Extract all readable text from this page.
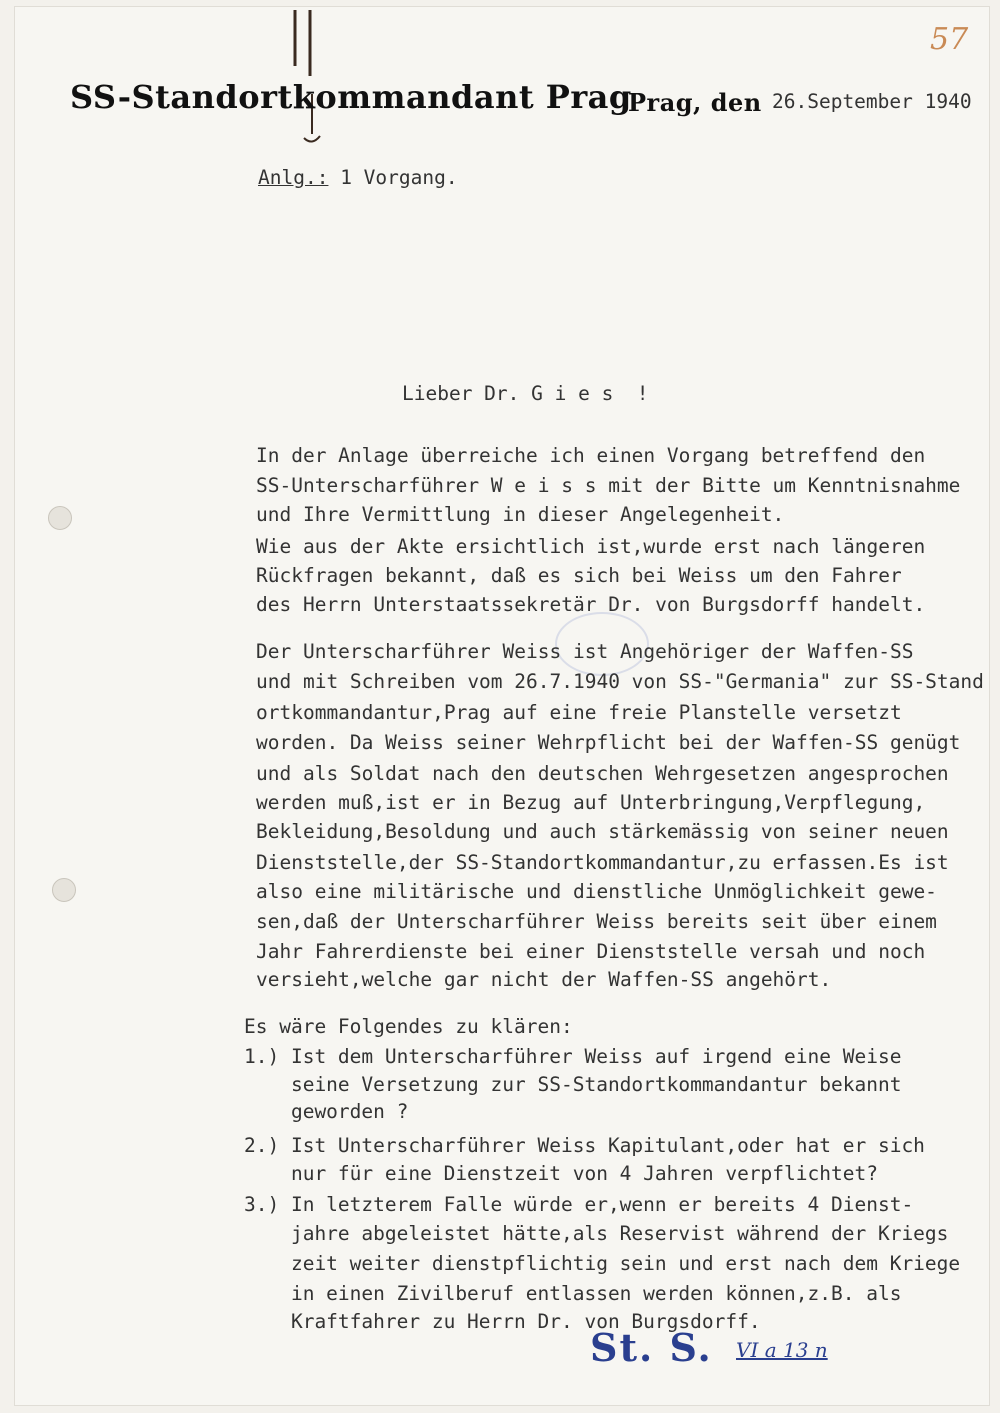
57
SS-Standortkommandant Prag
Prag, den 26.September 1940
Anlg.: 1 Vorgang.
Lieber Dr. G i e s  !
In der Anlage überreiche ich einen Vorgang betreffend den
SS-Unterscharführer W e i s s mit der Bitte um Kenntnisnahme
und Ihre Vermittlung in dieser Angelegenheit.
Wie aus der Akte ersichtlich ist,wurde erst nach längeren
Rückfragen bekannt, daß es sich bei Weiss um den Fahrer
des Herrn Unterstaatssekretär Dr. von Burgsdorff handelt.
Der Unterscharführer Weiss ist Angehöriger der Waffen-SS
und mit Schreiben vom 26.7.1940 von SS-"Germania" zur SS-Stand
ortkommandantur,Prag auf eine freie Planstelle versetzt
worden. Da Weiss seiner Wehrpflicht bei der Waffen-SS genügt
und als Soldat nach den deutschen Wehrgesetzen angesprochen
werden muß,ist er in Bezug auf Unterbringung,Verpflegung,
Bekleidung,Besoldung und auch stärkemässig von seiner neuen
Dienststelle,der SS-Standortkommandantur,zu erfassen.Es ist
also eine militärische und dienstliche Unmöglichkeit gewe-
sen,daß der Unterscharführer Weiss bereits seit über einem
Jahr Fahrerdienste bei einer Dienststelle versah und noch
versieht,welche gar nicht der Waffen-SS angehört.
Es wäre Folgendes zu klären:
1.) Ist dem Unterscharführer Weiss auf irgend eine Weise
seine Versetzung zur SS-Standortkommandantur bekannt
geworden ?
2.) Ist Unterscharführer Weiss Kapitulant,oder hat er sich
nur für eine Dienstzeit von 4 Jahren verpflichtet?
3.) In letzterem Falle würde er,wenn er bereits 4 Dienst-
jahre abgeleistet hätte,als Reservist während der Kriegs
zeit weiter dienstpflichtig sein und erst nach dem Kriege
in einen Zivilberuf entlassen werden können,z.B. als
Kraftfahrer zu Herrn Dr. von Burgsdorff.
St. S. VI a 13 n
